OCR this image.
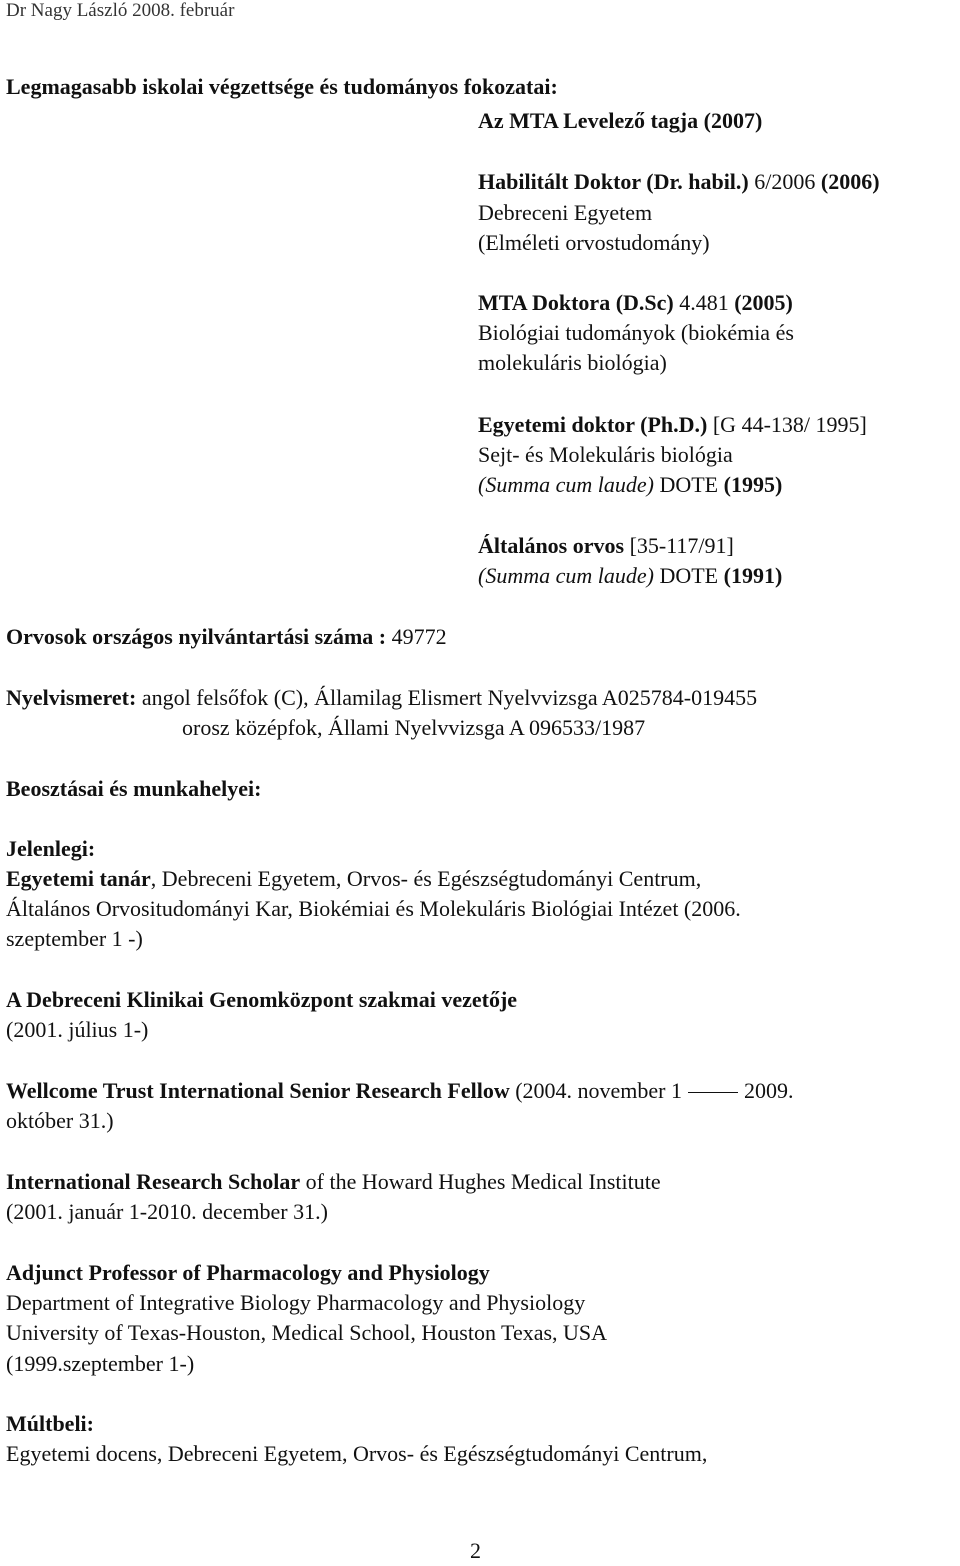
Dr Nagy László 2008. február
Legmagasabb iskolai végzettsége és tudományos fokozatai:
Az MTA Levelező tagja (2007)
Habilitált Doktor (Dr. habil.) 6/2006 (2006)
Debreceni Egyetem
(Elméleti orvostudomány)
MTA Doktora (D.Sc) 4.481 (2005)
Biológiai tudományok (biokémia és
molekuláris biológia)
Egyetemi doktor (Ph.D.) [G 44-138/ 1995]
Sejt- és Molekuláris biológia
(Summa cum laude) DOTE (1995)
Általános orvos [35-117/91]
(Summa cum laude) DOTE (1991)
Orvosok országos nyilvántartási száma : 49772
Nyelvismeret: angol felsőfok (C), Államilag Elismert Nyelvvizsga A025784-019455
orosz középfok, Állami Nyelvvizsga A 096533/1987
Beosztásai és munkahelyei:
Jelenlegi:
Egyetemi tanár, Debreceni Egyetem, Orvos- és Egészségtudományi Centrum,
Általános Orvositudományi Kar, Biokémiai és Molekuláris Biológiai Intézet (2006.
szeptember 1 -)
A Debreceni Klinikai Genomközpont szakmai vezetője
(2001. július 1-)
Wellcome Trust International Senior Research Fellow (2004. november 1	2009.
október 31.)
International Research Scholar of the Howard Hughes Medical Institute
(2001. január 1-2010. december 31.)
Adjunct Professor of Pharmacology and Physiology
Department of Integrative Biology Pharmacology and Physiology
University of Texas-Houston, Medical School, Houston Texas, USA
(1999.szeptember 1-)
Múltbeli:
Egyetemi docens, Debreceni Egyetem, Orvos- és Egészségtudományi Centrum,
2
